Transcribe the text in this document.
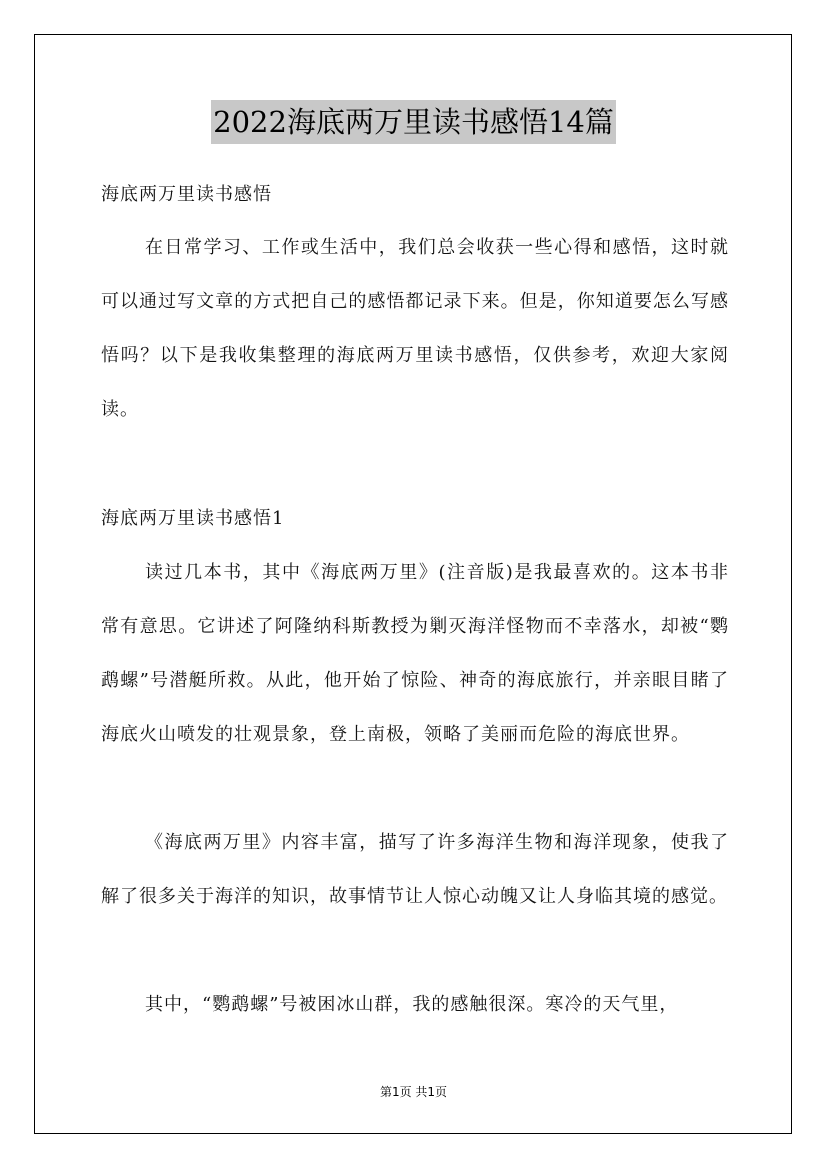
2022海底两万里读书感悟14篇
海底两万里读书感悟
在日常学习、工作或生活中，我们总会收获一些心得和感悟，这时就可以通过写文章的方式把自己的感悟都记录下来。但是，你知道要怎么写感悟吗？以下是我收集整理的海底两万里读书感悟，仅供参考，欢迎大家阅读。
海底两万里读书感悟1
读过几本书，其中《海底两万里》(注音版)是我最喜欢的。这本书非常有意思。它讲述了阿隆纳科斯教授为剿灭海洋怪物而不幸落水，却被“鹦鹉螺”号潜艇所救。从此，他开始了惊险、神奇的海底旅行，并亲眼目睹了海底火山喷发的壮观景象，登上南极，领略了美丽而危险的海底世界。
《海底两万里》内容丰富，描写了许多海洋生物和海洋现象，使我了解了很多关于海洋的知识，故事情节让人惊心动魄又让人身临其境的感觉。
其中，“鹦鹉螺”号被困冰山群，我的感触很深。寒冷的天气里，
第1页 共1页
